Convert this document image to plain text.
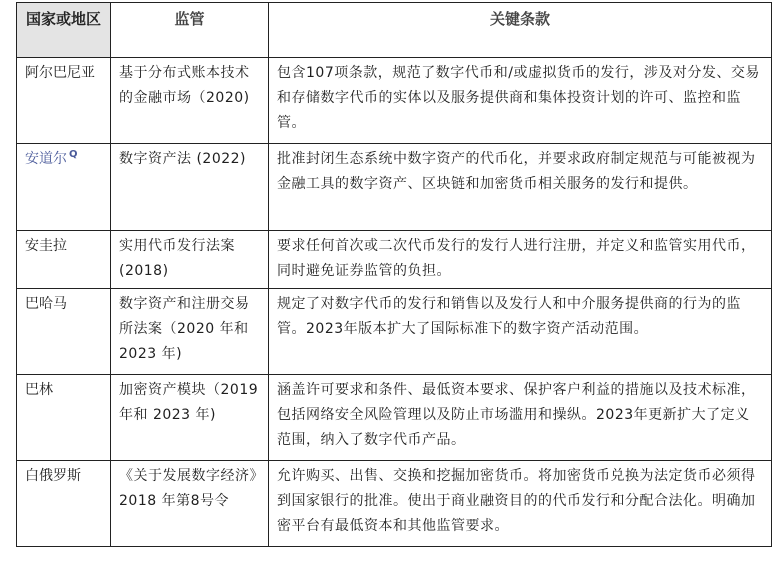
国家或地区	监管	关键条款
阿尔巴尼亚	基于分布式账本技术的金融市场（2020)	包含107项条款，规范了数字代币和/或虚拟货币的发行，涉及对分发、交易和存储数字代币的实体以及服务提供商和集体投资计划的许可、监控和监管。
安道尔 $^Q$	数字资产法 (2022)	批准封闭生态系统中数字资产的代币化，并要求政府制定规范与可能被视为金融工具的数字资产、区块链和加密货币相关服务的发行和提供。
安圭拉	实用代币发行法案 (2018)	要求任何首次或二次代币发行的发行人进行注册，并定义和监管实用代币，同时避免证券监管的负担。
巴哈马	数字资产和注册交易所法案（2020 年和 2023 年)	规定了对数字代币的发行和销售以及发行人和中介服务提供商的行为的监管。2023年版本扩大了国际标准下的数字资产活动范围。
巴林	加密资产模块（2019 年和 2023 年)	涵盖许可要求和条件、最低资本要求、保护客户利益的措施以及技术标准，包括网络安全风险管理以及防止市场滥用和操纵。2023年更新扩大了定义范围，纳入了数字代币产品。
白俄罗斯	《关于发展数字经济》2018 年第8号令	允许购买、出售、交换和挖掘加密货币。将加密货币兑换为法定货币必须得到国家银行的批准。使出于商业融资目的的代币发行和分配合法化。明确加密平台有最低资本和其他监管要求。
